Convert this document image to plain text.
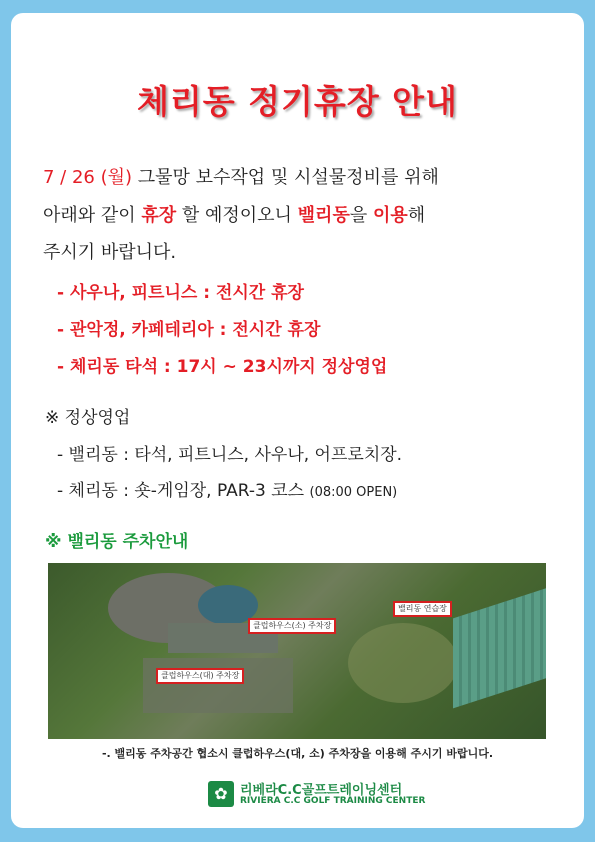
체리동 정기휴장 안내
7 / 26 (월) 그물망 보수작업 및 시설물정비를 위해
아래와 같이 휴장 할 예정이오니 밸리동을 이용해
주시기 바랍니다.
- 사우나, 피트니스 : 전시간 휴장
- 관악정, 카페테리아 : 전시간 휴장
- 체리동 타석 : 17시 ~ 23시까지 정상영업
※ 정상영업
- 밸리동 : 타석, 피트니스, 사우나, 어프로치장.
- 체리동 : 숏-게임장, PAR-3 코스 (08:00 OPEN)
※ 밸리동 주차안내
클럽하우스(소) 주차장
클럽하우스(대) 주차장
밸리동 연습장
-. 밸리동 주차공간 협소시 클럽하우스(대, 소) 주차장을 이용해 주시기 바랍니다.
✿ 리베라C.C골프트레이닝센터
RIVIERA C.C GOLF TRAINING CENTER
